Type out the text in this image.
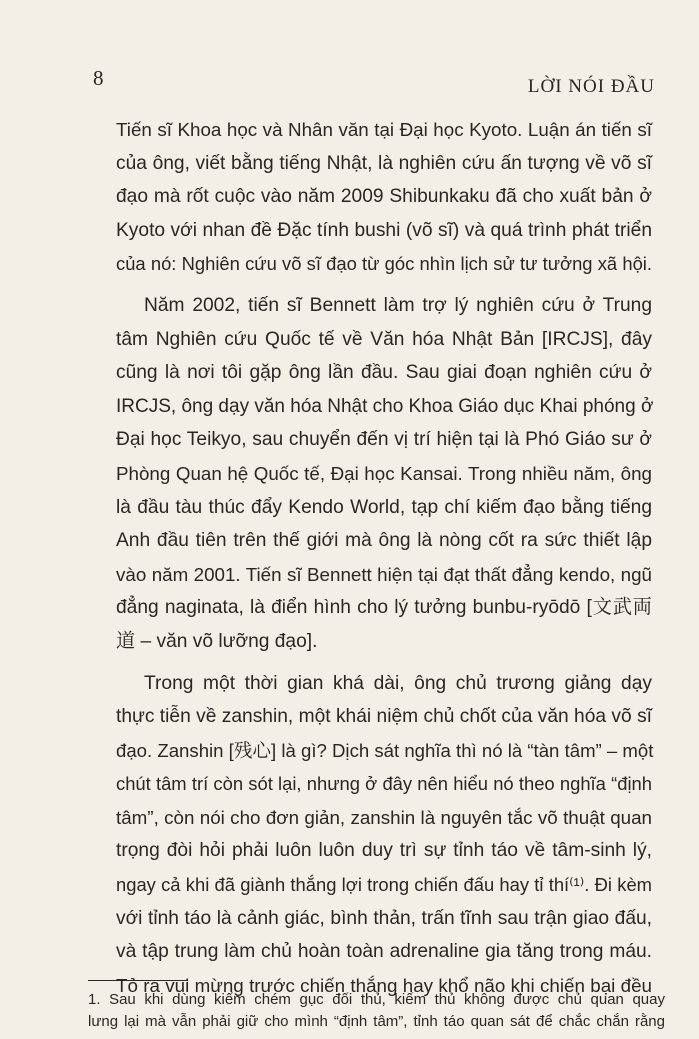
8	LỜI NÓI ĐẦU
Tiến sĩ Khoa học và Nhân văn tại Đại học Kyoto. Luận án tiến sĩ
của ông, viết bằng tiếng Nhật, là nghiên cứu ấn tượng về võ sĩ
đạo mà rốt cuộc vào năm 2009 Shibunkaku đã cho xuất bản ở
Kyoto với nhan đề Đặc tính bushi (võ sĩ) và quá trình phát triển
của nó: Nghiên cứu võ sĩ đạo từ góc nhìn lịch sử tư tưởng xã hội.
Năm 2002, tiến sĩ Bennett làm trợ lý nghiên cứu ở Trung
tâm Nghiên cứu Quốc tế về Văn hóa Nhật Bản [IRCJS], đây
cũng là nơi tôi gặp ông lần đầu. Sau giai đoạn nghiên cứu ở
IRCJS, ông dạy văn hóa Nhật cho Khoa Giáo dục Khai phóng ở
Đại học Teikyo, sau chuyển đến vị trí hiện tại là Phó Giáo sư ở
Phòng Quan hệ Quốc tế, Đại học Kansai. Trong nhiều năm, ông
là đầu tàu thúc đẩy Kendo World, tạp chí kiếm đạo bằng tiếng
Anh đầu tiên trên thế giới mà ông là nòng cốt ra sức thiết lập
vào năm 2001. Tiến sĩ Bennett hiện tại đạt thất đẳng kendo, ngũ
đẳng naginata, là điển hình cho lý tưởng bunbu-ryōdō [文武両
道 – văn võ lưỡng đạo].
Trong một thời gian khá dài, ông chủ trương giảng dạy
thực tiễn về zanshin, một khái niệm chủ chốt của văn hóa võ sĩ
đạo. Zanshin [残心] là gì? Dịch sát nghĩa thì nó là “tàn tâm” – một
chút tâm trí còn sót lại, nhưng ở đây nên hiểu nó theo nghĩa “định
tâm”, còn nói cho đơn giản, zanshin là nguyên tắc võ thuật quan
trọng đòi hỏi phải luôn luôn duy trì sự tỉnh táo về tâm-sinh lý,
ngay cả khi đã giành thắng lợi trong chiến đấu hay tỉ thí⁽¹⁾. Đi kèm
với tỉnh táo là cảnh giác, bình thản, trấn tĩnh sau trận giao đấu,
và tập trung làm chủ hoàn toàn adrenaline gia tăng trong máu.
Tỏ ra vui mừng trước chiến thắng hay khổ não khi chiến bại đều
1. Sau khi dùng kiếm chém gục đối thủ, kiếm thủ không được chủ quan quay
lưng lại mà vẫn phải giữ cho mình “định tâm”, tỉnh táo quan sát để chắc chắn rằng
